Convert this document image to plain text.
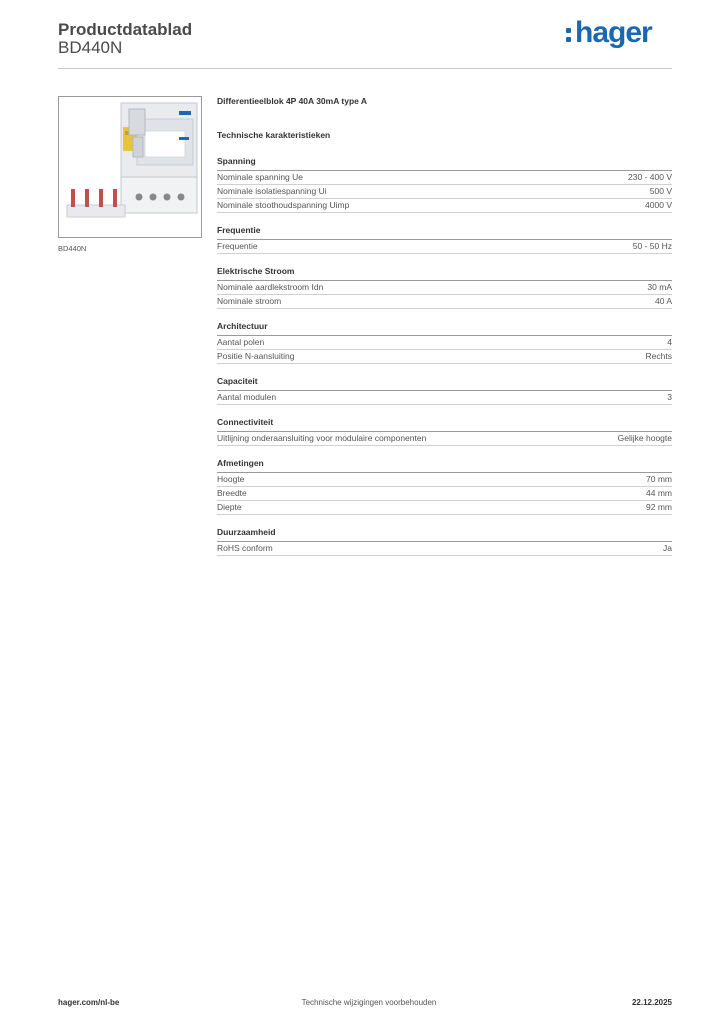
Productdatablad
BD440N	hager
BD440N
Differentieelblok 4P 40A 30mA type A
Technische karakteristieken
Spanning
Nominale spanning Ue	230 - 400 V
Nominale isolatiespanning Ui	500 V
Nominale stoothoudspanning Uimp	4000 V
Frequentie
Frequentie	50 - 50 Hz
Elektrische Stroom
Nominale aardlekstroom Idn	30 mA
Nominale stroom	40 A
Architectuur
Aantal polen	4
Positie N-aansluiting	Rechts
Capaciteit
Aantal modulen	3
Connectiviteit
Uitlijning onderaansluiting voor modulaire componenten	Gelijke hoogte
Afmetingen
Hoogte	70 mm
Breedte	44 mm
Diepte	92 mm
Duurzaamheid
RoHS conform	Ja
hager.com/nl-be	Technische wijzigingen voorbehouden	22.12.2025
